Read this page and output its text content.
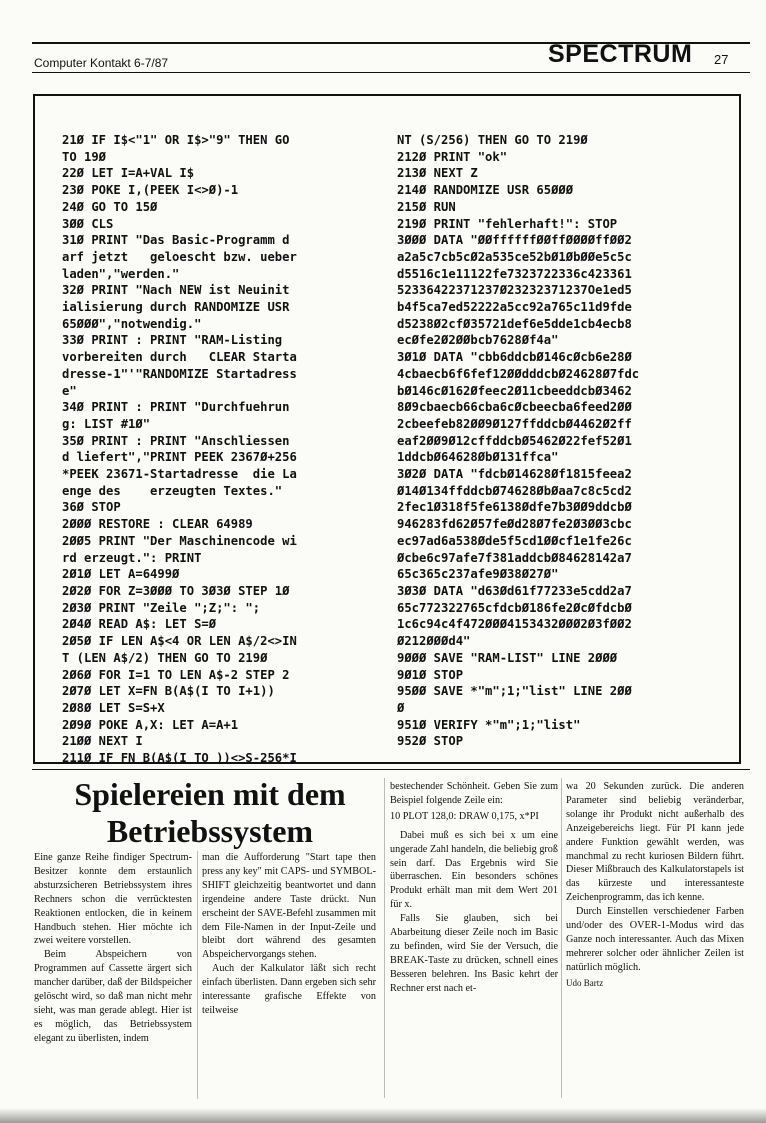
Computer Kontakt 6-7/87	SPECTRUM 27
21Ø IF I$<"1" OR I$>"9" THEN GO
TO 19Ø
22Ø LET I=A+VAL I$
23Ø POKE I,(PEEK I<>Ø)-1
24Ø GO TO 15Ø
3ØØ CLS
31Ø PRINT "Das Basic-Programm d
arf jetzt   geloescht bzw. ueber
laden","werden."
32Ø PRINT "Nach NEW ist Neuinit
ialisierung durch RANDOMIZE USR
65ØØØ","notwendig."
33Ø PRINT : PRINT "RAM-Listing
vorbereiten durch   CLEAR Starta
dresse-1"'"RANDOMIZE Startadress
e"
34Ø PRINT : PRINT "Durchfuehrun
g: LIST #1Ø"
35Ø PRINT : PRINT "Anschliessen
d liefert","PRINT PEEK 2367Ø+256
*PEEK 23671-Startadresse  die La
enge des    erzeugten Textes."
36Ø STOP
2ØØØ RESTORE : CLEAR 64989
2ØØ5 PRINT "Der Maschinencode wi
rd erzeugt.": PRINT
2Ø1Ø LET A=6499Ø
2Ø2Ø FOR Z=3ØØØ TO 3Ø3Ø STEP 1Ø
2Ø3Ø PRINT "Zeile ";Z;": ";
2Ø4Ø READ A$: LET S=Ø
2Ø5Ø IF LEN A$<4 OR LEN A$/2<>IN
T (LEN A$/2) THEN GO TO 219Ø
2Ø6Ø FOR I=1 TO LEN A$-2 STEP 2
2Ø7Ø LET X=FN B(A$(I TO I+1))
2Ø8Ø LET S=S+X
2Ø9Ø POKE A,X: LET A=A+1
21ØØ NEXT I
211Ø IF FN B(A$(I TO ))<>S-256*I

NT (S/256) THEN GO TO 219Ø
212Ø PRINT "ok"
213Ø NEXT Z
214Ø RANDOMIZE USR 65ØØØ
215Ø RUN
219Ø PRINT "fehlerhaft!": STOP
3ØØØ DATA "ØØffffffØØffØØØØffØØ2
a2a5c7cb5cØ2a535ce52bØ1ØbØØe5c5c
d5516c1e11122fe7323722336c423361
52336422371237Ø23232371237Oe1ed5
b4f5ca7ed52222a5cc92a765c11d9fde
d5238Ø2cfØ35721def6e5dde1cb4ecb8
ecØfe2Ø2ØØbcb7628Øf4a"
3Ø1Ø DATA "cbb6ddcbØ146cØcb6e28Ø
4cbaecb6f6fef12ØØdddcbØ24628Ø7fdc
bØ146cØ162Øfeec2Ø11cbeeddcbØ3462
8Ø9cbaecb66cba6cØcbeecba6feed2ØØ
2cbeefeb82ØØ9Ø127ffddcbØ4462Ø2ff
eaf2ØØ9Ø12cffddcbØ5462Ø22fef52Ø1
1ddcbØ64628ØbØ131ffca"
3Ø2Ø DATA "fdcbØ14628Øf1815feea2
Ø14Ø134ffddcbØ74628ØbØaa7c8c5cd2
2fec1Ø318f5fe6138Ødfe7b3ØØ9ddcbØ
946283fd62Ø57feØd28Ø7fe2Ø3ØØ3cbc
ec97ad6a538Øde5f5cd1ØØcf1e1fe26c
Øcbe6c97afe7f381addcbØ84628142a7
65c365c237afe9Ø38Ø27Ø"
3Ø3Ø DATA "d63Ød61f77233e5cdd2a7
65c772322765cfdcbØ186fe2ØcØfdcbØ
1c6c94c4f472ØØØ4153432ØØØ2Ø3fØØ2
Ø212ØØØd4"
9ØØØ SAVE "RAM-LIST" LINE 2ØØØ
9Ø1Ø STOP
95ØØ SAVE *"m";1;"list" LINE 2ØØ
Ø
951Ø VERIFY *"m";1;"list"
952Ø STOP

Spielereien mit dem
Betriebssystem

Eine ganze Reihe findiger Spectrum-Besitzer konnte dem erstaunlich absturzsicheren Betriebssystem ihres Rechners schon die verrücktesten Reaktionen entlocken, die in keinem Handbuch stehen. Hier möchte ich zwei weitere vorstellen.

Beim Abspeichern von Programmen auf Cassette ärgert sich mancher darüber, daß der Bildspeicher gelöscht wird, so daß man nicht mehr sieht, was man gerade ablegt. Hier ist es möglich, das Betriebssystem elegant zu überlisten, indem

man die Aufforderung "Start tape then press any key" mit CAPS- und SYMBOL-SHIFT gleichzeitig beantwortet und dann irgendeine andere Taste drückt. Nun erscheint der SAVE-Befehl zusammen mit dem File-Namen in der Input-Zeile und bleibt dort während des gesamten Abspeichervorgangs stehen.

Auch der Kalkulator läßt sich recht einfach überlisten. Dann ergeben sich sehr interessante grafische Effekte von teilweise

bestechender Schönheit. Geben Sie zum Beispiel folgende Zeile ein:

10 PLOT 128,0: DRAW 0,175, x*PI

Dabei muß es sich bei x um eine ungerade Zahl handeln, die beliebig groß sein darf. Das Ergebnis wird Sie überraschen. Ein besonders schönes Produkt erhält man mit dem Wert 201 für x.

Falls Sie glauben, sich bei Abarbeitung dieser Zeile noch im Basic zu befinden, wird Sie der Versuch, die BREAK-Taste zu drücken, schnell eines Besseren belehren. Ins Basic kehrt der Rechner erst nach et-

wa 20 Sekunden zurück. Die anderen Parameter sind beliebig veränderbar, solange ihr Produkt nicht außerhalb des Anzeigebereichs liegt. Für PI kann jede andere Funktion gewählt werden, was manchmal zu recht kuriosen Bildern führt. Dieser Mißbrauch des Kalkulatorstapels ist das kürzeste und interessanteste Zeichenprogramm, das ich kenne.

Durch Einstellen verschiedener Farben und/oder des OVER-1-Modus wird das Ganze noch interessanter. Auch das Mixen mehrerer solcher oder ähnlicher Zeilen ist natürlich möglich.

Udo Bartz
